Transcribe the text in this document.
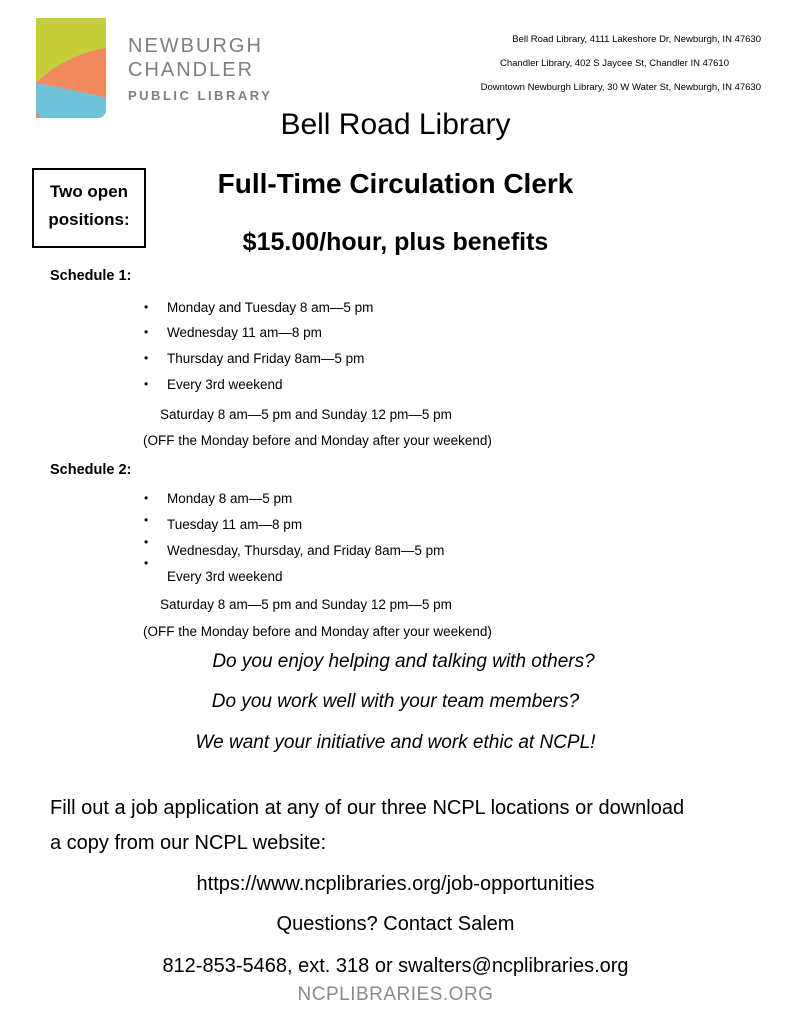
NEWBURGH
CHANDLER
PUBLIC LIBRARY
Bell Road Library, 4111 Lakeshore Dr, Newburgh, IN 47630
Chandler Library, 402 S Jaycee St, Chandler IN 47610
Downtown Newburgh Library, 30 W Water St, Newburgh, IN 47630
Bell Road Library
Two open
positions:
Full-Time Circulation Clerk
$15.00/hour, plus benefits
Schedule 1:
• Monday and Tuesday 8 am—5 pm
• Wednesday 11 am—8 pm
• Thursday and Friday 8am—5 pm
• Every 3rd weekend
Saturday 8 am—5 pm and Sunday 12 pm—5 pm
(OFF the Monday before and Monday after your weekend)
Schedule 2:
• Monday 8 am—5 pm
• Tuesday 11 am—8 pm
•
Wednesday, Thursday, and Friday 8am—5 pm
•
Every 3rd weekend
Saturday 8 am—5 pm and Sunday 12 pm—5 pm
(OFF the Monday before and Monday after your weekend)
Do you enjoy helping and talking with others?
Do you work well with your team members?
We want your initiative and work ethic at NCPL!
Fill out a job application at any of our three NCPL locations or download
a copy from our NCPL website:
https://www.ncplibraries.org/job-opportunities
Questions? Contact Salem
812-853-5468, ext. 318 or swalters@ncplibraries.org
NCPLIBRARIES.ORG
